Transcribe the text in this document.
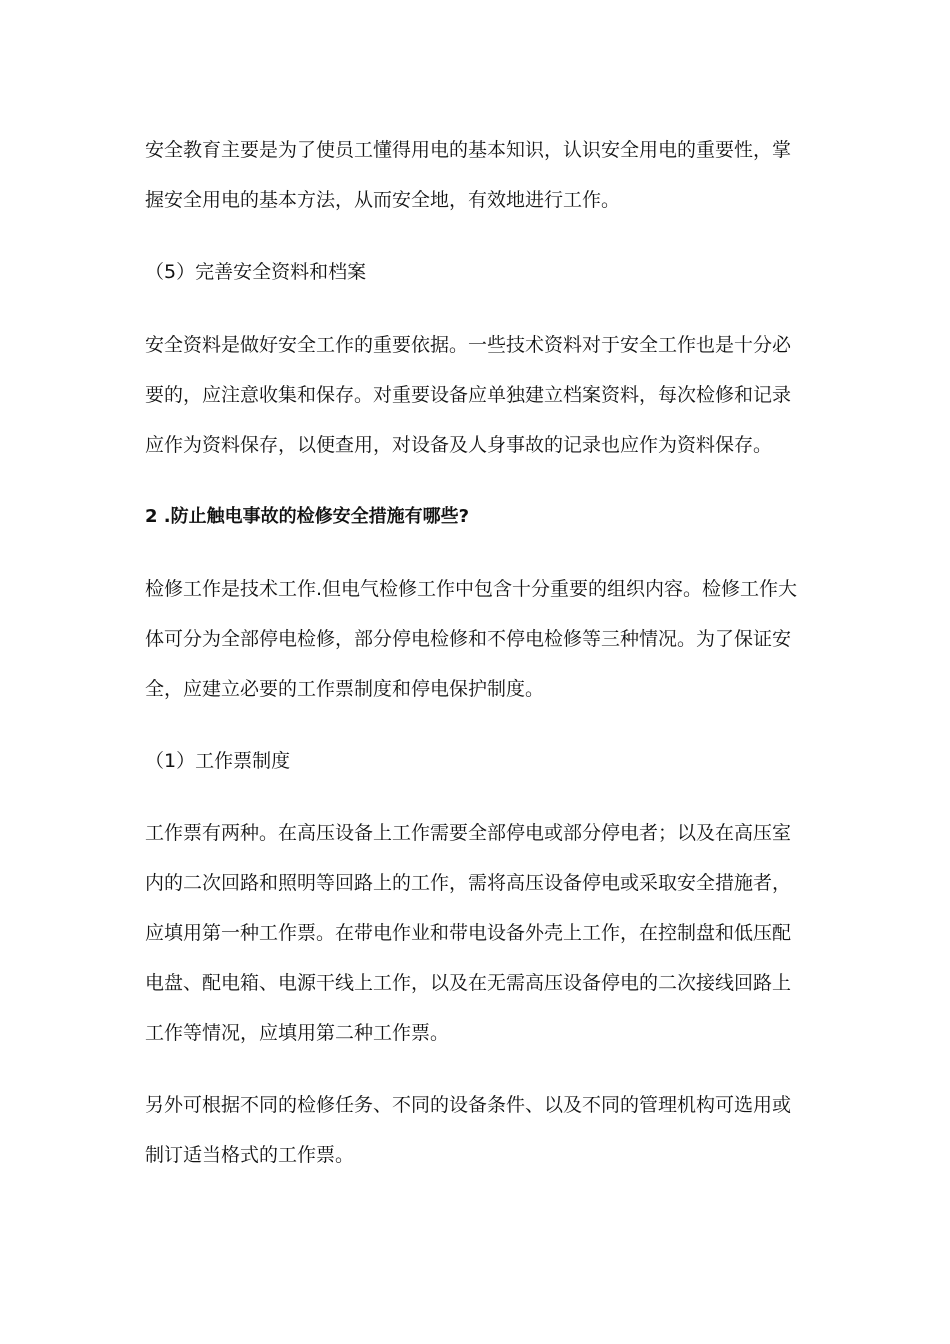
安全教育主要是为了使员工懂得用电的基本知识，认识安全用电的重要性，掌
握安全用电的基本方法，从而安全地，有效地进行工作。
（5）完善安全资料和档案
安全资料是做好安全工作的重要依据。一些技术资料对于安全工作也是十分必
要的，应注意收集和保存。对重要设备应单独建立档案资料，每次检修和记录
应作为资料保存，以便查用，对设备及人身事故的记录也应作为资料保存。
2 .防止触电事故的检修安全措施有哪些?
检修工作是技术工作.但电气检修工作中包含十分重要的组织内容。检修工作大
体可分为全部停电检修，部分停电检修和不停电检修等三种情况。为了保证安
全，应建立必要的工作票制度和停电保护制度。
（1）工作票制度
工作票有两种。在高压设备上工作需要全部停电或部分停电者；以及在高压室
内的二次回路和照明等回路上的工作，需将高压设备停电或采取安全措施者，
应填用第一种工作票。在带电作业和带电设备外壳上工作，在控制盘和低压配
电盘、配电箱、电源干线上工作，以及在无需高压设备停电的二次接线回路上
工作等情况，应填用第二种工作票。
另外可根据不同的检修任务、不同的设备条件、以及不同的管理机构可选用或
制订适当格式的工作票。
